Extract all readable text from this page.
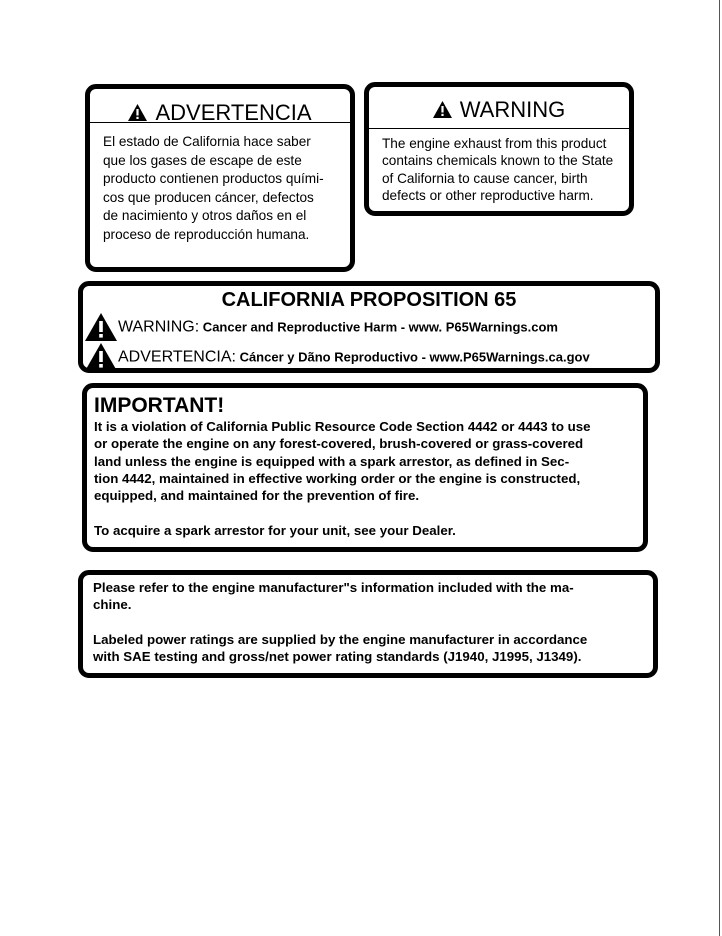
ADVERTENCIA
El estado de California hace saber
que los gases de escape de este
producto contienen productos quími-
cos que producen cáncer, defectos
de nacimiento y otros daños en el
proceso de reproducción humana.
WARNING
The engine exhaust from this product
contains chemicals known to the State
of California to cause cancer, birth
defects or other reproductive harm.
CALIFORNIA PROPOSITION 65
WARNING: Cancer and Reproductive Harm - www. P65Warnings.com
ADVERTENCIA: Cáncer y Dãno Reproductivo - www.P65Warnings.ca.gov
IMPORTANT!
It is a violation of California Public Resource Code Section 4442 or 4443 to use
or operate the engine on any forest-covered, brush-covered or grass-covered
land unless the engine is equipped with a spark arrestor, as defined in Sec-
tion 4442, maintained in effective working order or the engine is constructed,
equipped, and maintained for the prevention of fire.
To acquire a spark arrestor for your unit, see your Dealer.
Please refer to the engine manufacturer"s information included with the ma-
chine.
Labeled power ratings are supplied by the engine manufacturer in accordance
with SAE testing and gross/net power rating standards (J1940, J1995, J1349).
